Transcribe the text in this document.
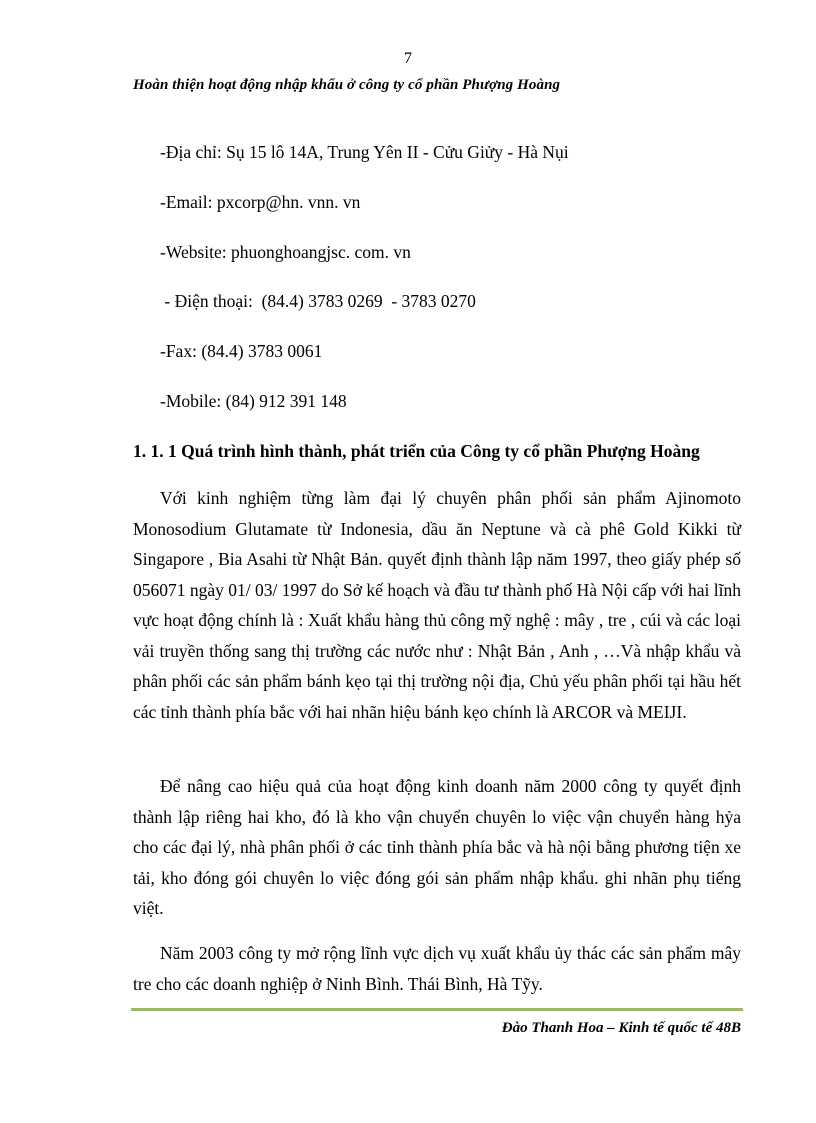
7
Hoàn thiện hoạt động nhập khẩu ở công ty cổ phần Phượng Hoàng
-Địa chỉ: Sụ 15 lô 14A, Trung Yên II - Cửu Giửy - Hà Nụi
-Email: pxcorp@hn. vnn. vn
-Website: phuonghoangjsc. com. vn
- Điện thoại:  (84.4) 3783 0269  - 3783 0270
-Fax: (84.4) 3783 0061
-Mobile: (84) 912 391 148
1. 1. 1 Quá trình hình thành, phát triển của Công ty cổ phần Phượng Hoàng

Với kinh nghiệm từng làm đại lý chuyên phân phối sản phẩm Ajinomoto Monosodium Glutamate từ Indonesia, dầu ăn Neptune và cà phê Gold Kikki từ Singapore , Bia Asahi từ Nhật Bản. quyết định thành lập năm 1997, theo giấy phép số 056071 ngày 01/ 03/ 1997 do Sở kế hoạch và đầu tư thành phố Hà Nội cấp với hai lĩnh vực hoạt động chính là : Xuất khẩu hàng thủ công mỹ nghệ : mây , tre , cúi và các loại vải truyền thống sang thị trường các nước như : Nhật Bản , Anh , …Và nhập khẩu và phân phối các sản phẩm bánh kẹo tại thị trường nội địa, Chủ yếu phân phối tại hầu hết các tỉnh thành phía bắc với hai nhãn hiệu bánh kẹo chính là ARCOR và MEIJI.

Để nâng cao hiệu quả của hoạt động kinh doanh năm 2000 công ty quyết định thành lập riêng hai kho, đó là kho vận chuyển chuyên lo việc vận chuyển hàng hỷa cho các đại lý, nhà phân phối ở các tỉnh thành phía bắc và hà nội bằng phương tiện xe tải, kho đóng gói chuyên lo việc đóng gói sản phẩm nhập khẩu. ghi nhãn phụ tiếng việt.

Năm 2003 công ty mở rộng lĩnh vực dịch vụ xuất khẩu ủy thác các sản phẩm mây tre cho các doanh nghiệp ở Ninh Bình. Thái Bình, Hà Tỹy.

Đào Thanh Hoa – Kinh tế quốc tế 48B
